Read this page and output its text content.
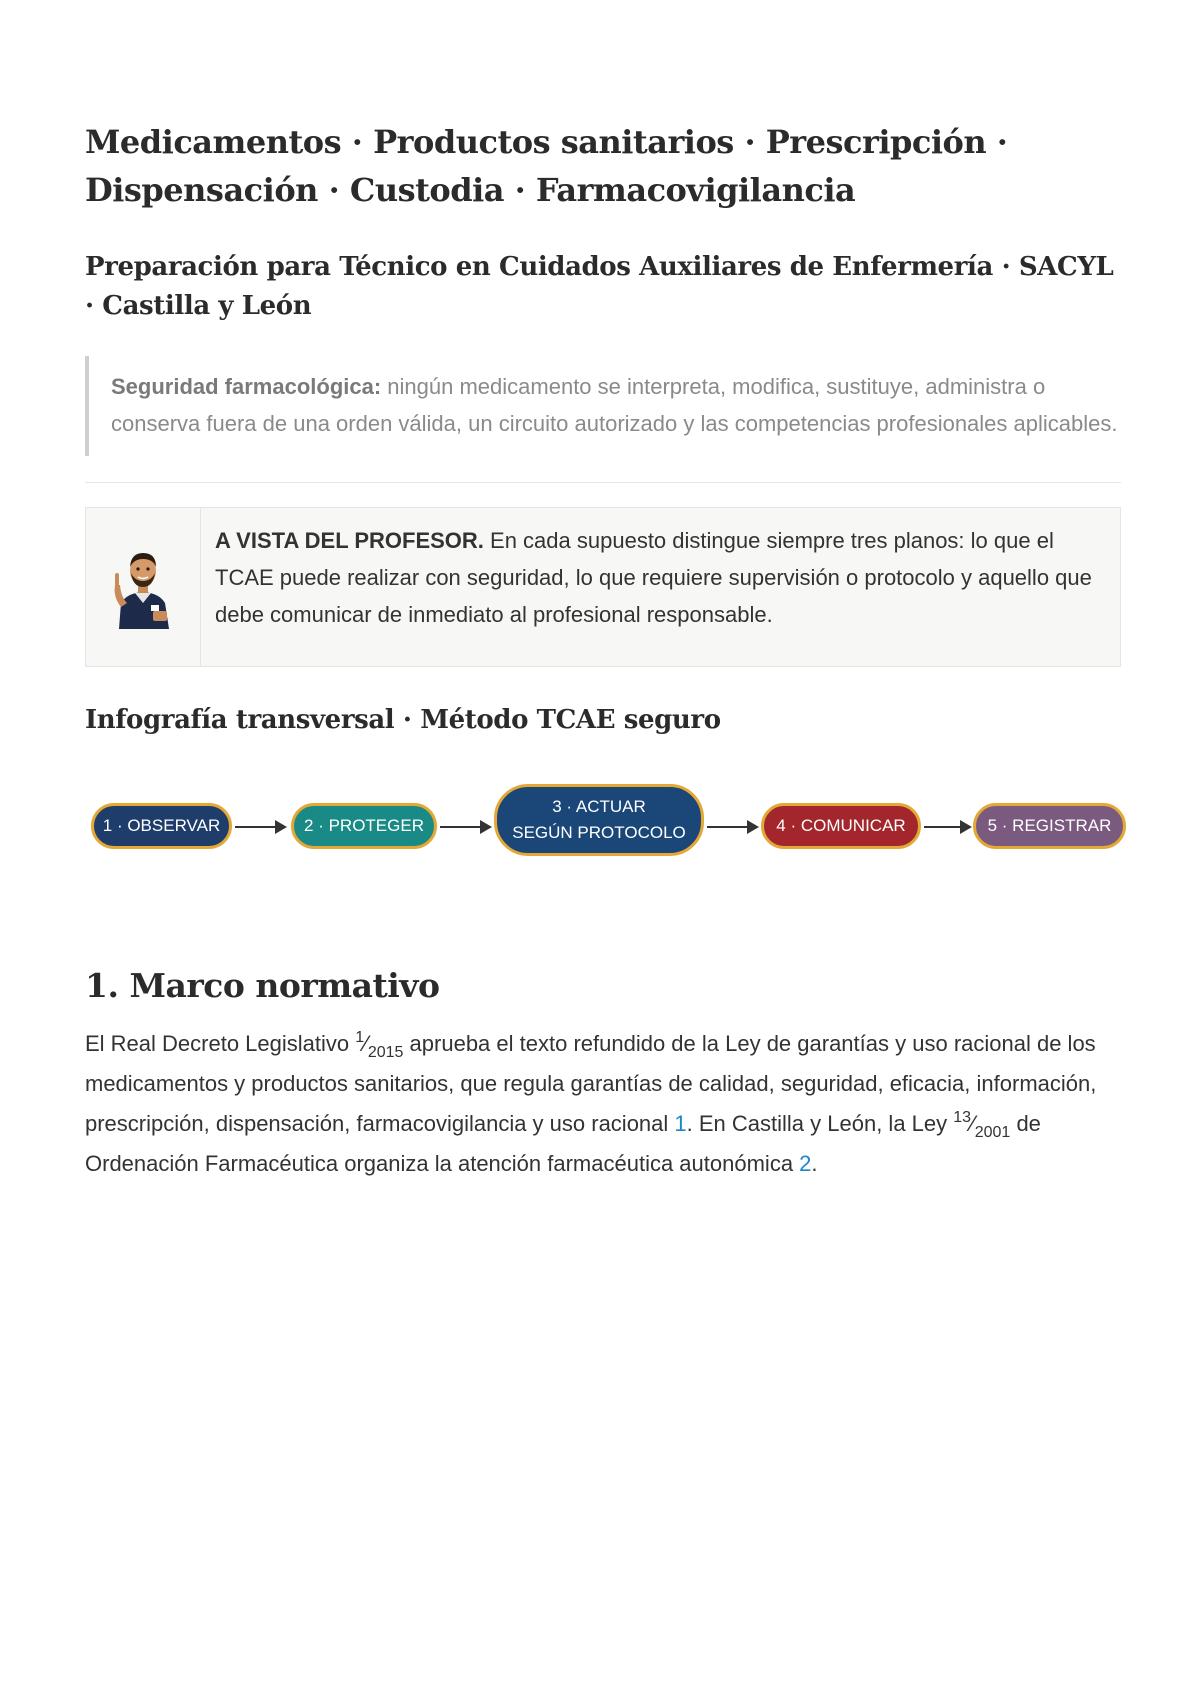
Medicamentos · Productos sanitarios · Prescripción · Dispensación · Custodia · Farmacovigilancia
Preparación para Técnico en Cuidados Auxiliares de Enfermería · SACYL · Castilla y León
Seguridad farmacológica: ningún medicamento se interpreta, modifica, sustituye, administra o conserva fuera de una orden válida, un circuito autorizado y las competencias profesionales aplicables.
A VISTA DEL PROFESOR. En cada supuesto distingue siempre tres planos: lo que el TCAE puede realizar con seguridad, lo que requiere supervisión o protocolo y aquello que debe comunicar de inmediato al profesional responsable.
Infografía transversal · Método TCAE seguro
1 · OBSERVAR	2 · PROTEGER
3 · ACTUAR
SEGÚN PROTOCOLO	4 · COMUNICAR	5 · REGISTRAR
1. Marco normativo

El Real Decreto Legislativo $^1⁄_{2015}$ aprueba el texto refundido de la Ley de garantías y uso racional de los medicamentos y productos sanitarios, que regula garantías de calidad, seguridad, eficacia, información, prescripción, dispensación, farmacovigilancia y uso racional 1. En Castilla y León, la Ley $^{13}⁄_{2001}$ de Ordenación Farmacéutica organiza la atención farmacéutica autonómica 2.
